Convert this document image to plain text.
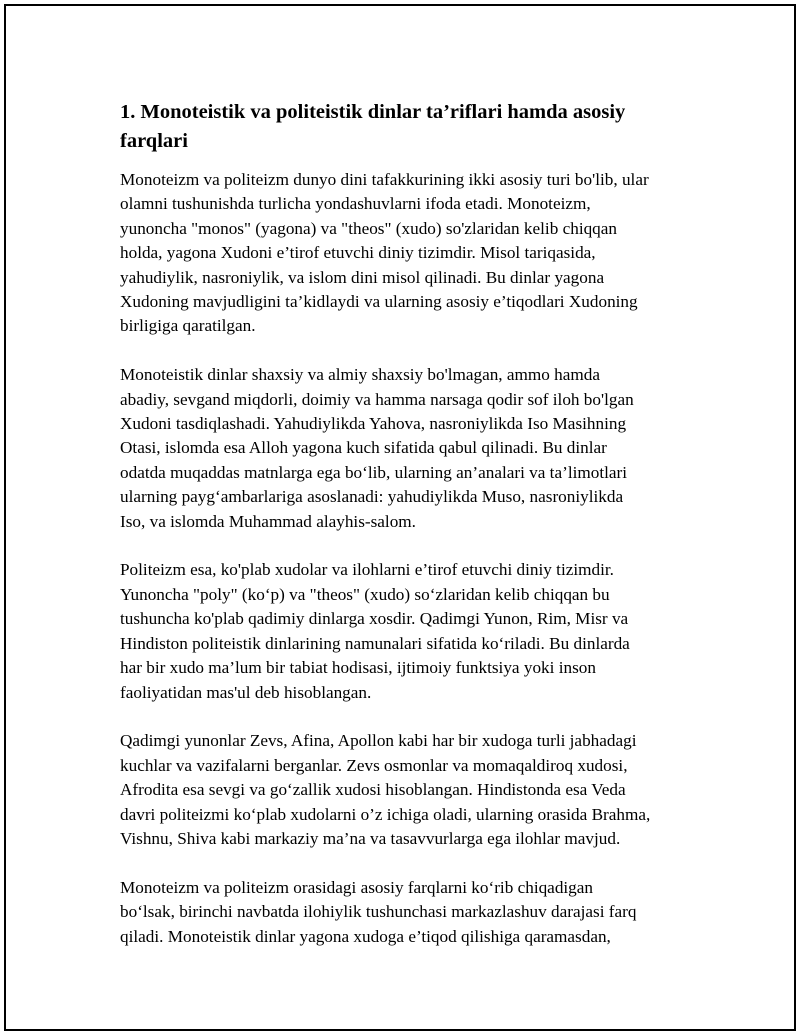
1. Monoteistik va politeistik dinlar ta’riflari hamda asosiy
farqlari

Monoteizm va politeizm dunyo dini tafakkurining ikki asosiy turi bo'lib, ular
olamni tushunishda turlicha yondashuvlarni ifoda etadi. Monoteizm,
yunoncha "monos" (yagona) va "theos" (xudo) so'zlaridan kelib chiqqan
holda, yagona Xudoni e’tirof etuvchi diniy tizimdir. Misol tariqasida,
yahudiylik, nasroniylik, va islom dini misol qilinadi. Bu dinlar yagona
Xudoning mavjudligini ta’kidlaydi va ularning asosiy e’tiqodlari Xudoning
birligiga qaratilgan.

Monoteistik dinlar shaxsiy va almiy shaxsiy bo'lmagan, ammo hamda
abadiy, sevgand miqdorli, doimiy va hamma narsaga qodir sof iloh bo'lgan
Xudoni tasdiqlashadi. Yahudiylikda Yahova, nasroniylikda Iso Masihning
Otasi, islomda esa Alloh yagona kuch sifatida qabul qilinadi. Bu dinlar
odatda muqaddas matnlarga ega bo‘lib, ularning an’analari va ta’limotlari
ularning payg‘ambarlariga asoslanadi: yahudiylikda Muso, nasroniylikda
Iso, va islomda Muhammad alayhis-salom.

Politeizm esa, ko'plab xudolar va ilohlarni e’tirof etuvchi diniy tizimdir.
Yunoncha "poly" (ko‘p) va "theos" (xudo) so‘zlaridan kelib chiqqan bu
tushuncha ko'plab qadimiy dinlarga xosdir. Qadimgi Yunon, Rim, Misr va
Hindiston politeistik dinlarining namunalari sifatida ko‘riladi. Bu dinlarda
har bir xudo ma’lum bir tabiat hodisasi, ijtimoiy funktsiya yoki inson
faoliyatidan mas'ul deb hisoblangan.

Qadimgi yunonlar Zevs, Afina, Apollon kabi har bir xudoga turli jabhadagi
kuchlar va vazifalarni berganlar. Zevs osmonlar va momaqaldiroq xudosi,
Afrodita esa sevgi va go‘zallik xudosi hisoblangan. Hindistonda esa Veda
davri politeizmi ko‘plab xudolarni o’z ichiga oladi, ularning orasida Brahma,
Vishnu, Shiva kabi markaziy ma’na va tasavvurlarga ega ilohlar mavjud.

Monoteizm va politeizm orasidagi asosiy farqlarni ko‘rib chiqadigan
bo‘lsak, birinchi navbatda ilohiylik tushunchasi markazlashuv darajasi farq
qiladi. Monoteistik dinlar yagona xudoga e’tiqod qilishiga qaramasdan,
